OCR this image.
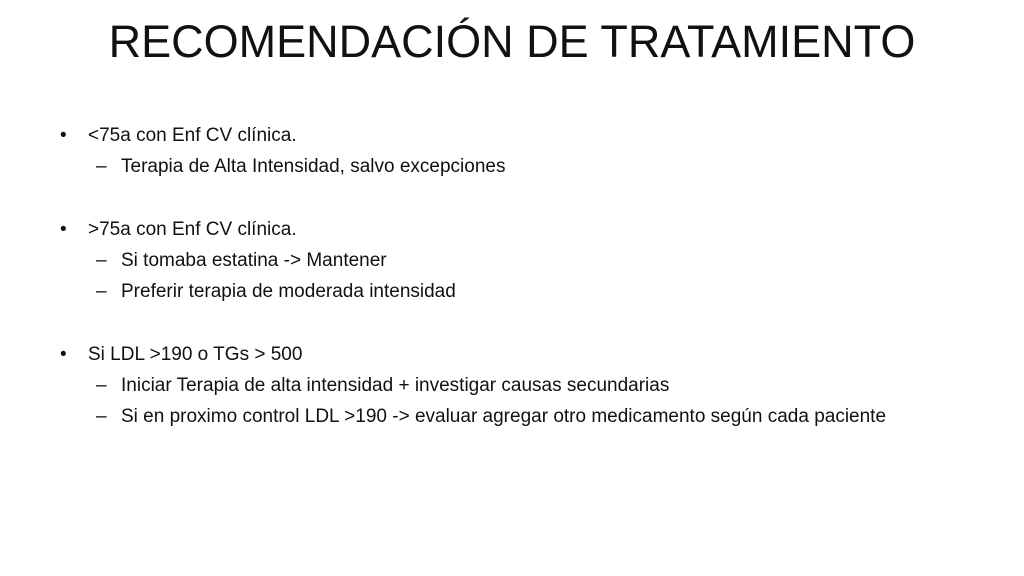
RECOMENDACIÓN DE TRATAMIENTO
•	<75a con Enf CV clínica.
– Terapia de Alta Intensidad, salvo excepciones
•	>75a con Enf CV clínica.
– Si tomaba estatina -> Mantener
– Preferir terapia de moderada intensidad
•	Si LDL >190 o TGs > 500
– Iniciar Terapia de alta intensidad + investigar causas secundarias
– Si en proximo control LDL >190 -> evaluar agregar otro medicamento según cada paciente
